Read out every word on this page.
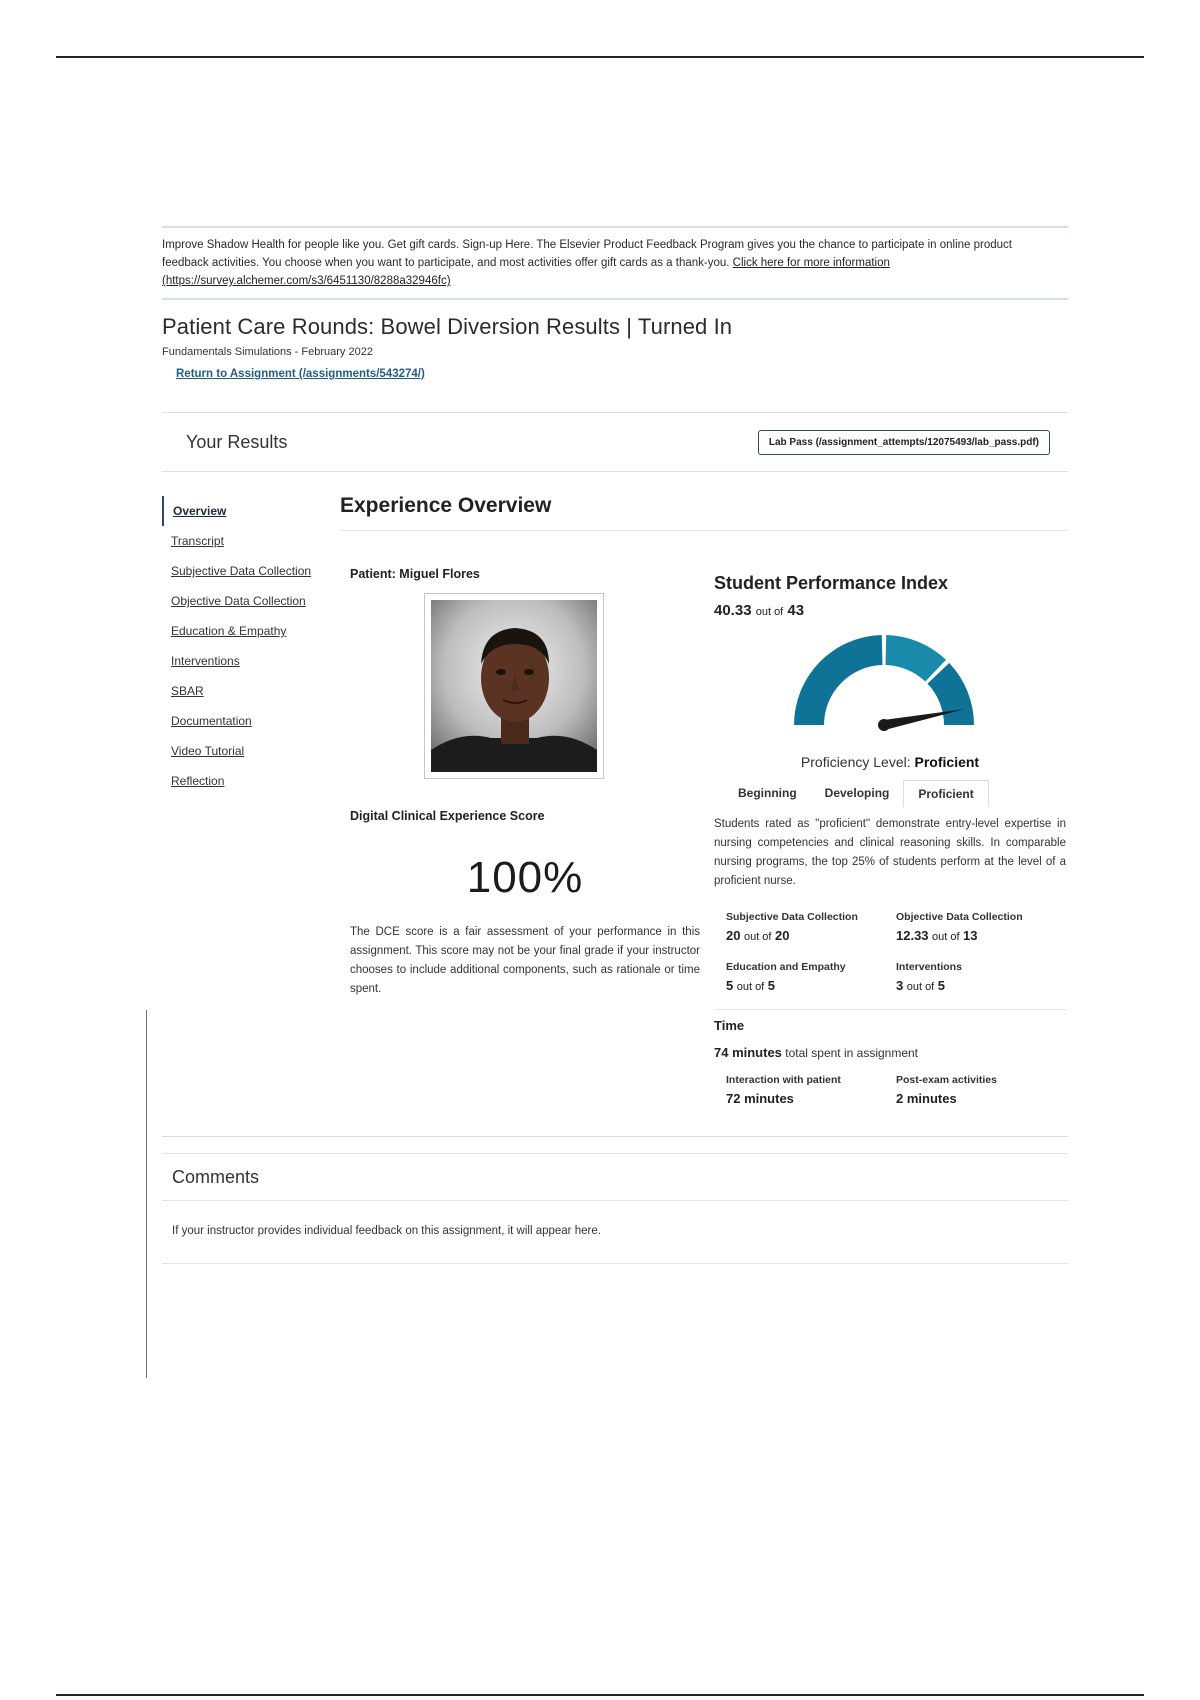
Improve Shadow Health for people like you. Get gift cards. Sign-up Here. The Elsevier Product Feedback Program gives you the chance to participate in online product feedback activities. You choose when you want to participate, and most activities offer gift cards as a thank-you. Click here for more information
(https://survey.alchemer.com/s3/6451130/8288a32946fc)
Patient Care Rounds: Bowel Diversion Results | Turned In
Fundamentals Simulations - February 2022
Return to Assignment (/assignments/543274/)
Your Results	Lab Pass (/assignment_attempts/12075493/lab_pass.pdf)
Overview
Transcript
Subjective Data Collection
Objective Data Collection
Education & Empathy
Interventions
SBAR
Documentation
Video Tutorial
Reflection
Experience Overview
Patient: Miguel Flores
Digital Clinical Experience Score
100%
The DCE score is a fair assessment of your performance in this assignment. This score may not be your final grade if your instructor chooses to include additional components, such as rationale or time spent.
Student Performance Index
40.33 out of 43
Proficiency Level: Proficient
Beginning	Developing	Proficient
Students rated as "proficient" demonstrate entry-level expertise in nursing competencies and clinical reasoning skills. In comparable nursing programs, the top 25% of students perform at the level of a proficient nurse.
Subjective Data Collection
20 out of 20
Objective Data Collection
12.33 out of 13
Education and Empathy
5 out of 5
Interventions
3 out of 5
Time
74 minutes total spent in assignment
Interaction with patient
72 minutes
Post-exam activities
2 minutes
Comments
If your instructor provides individual feedback on this assignment, it will appear here.
